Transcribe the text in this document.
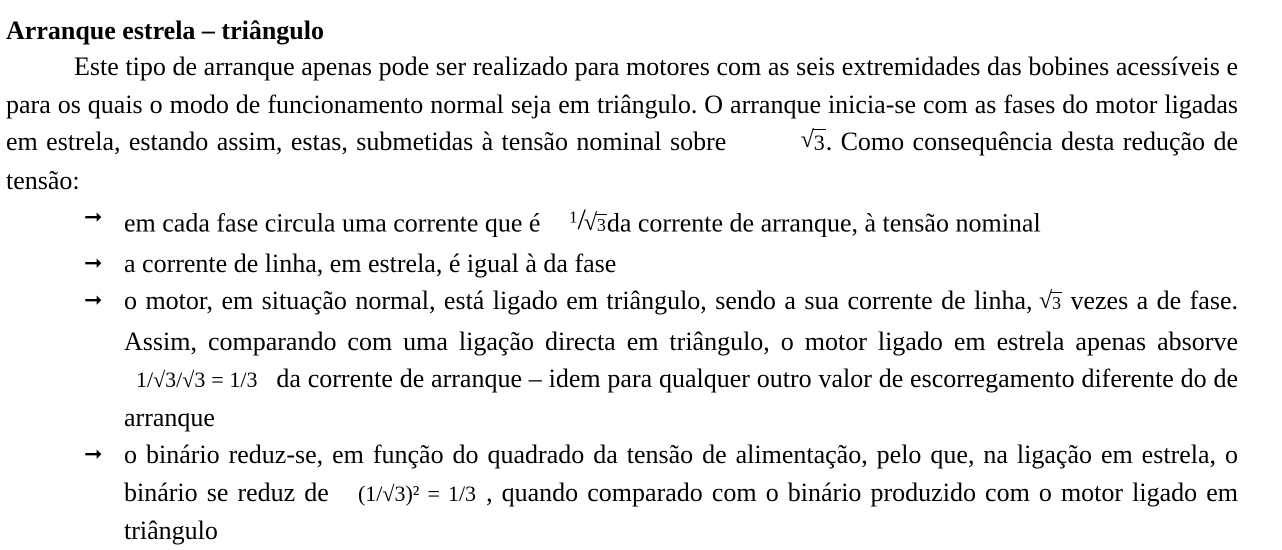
Arranque estrela – triângulo

Este tipo de arranque apenas pode ser realizado para motores com as seis extremidades das bobines acessíveis e para os quais o modo de funcionamento normal seja em triângulo. O arranque inicia-se com as fases do motor ligadas em estrela, estando assim, estas, submetidas à tensão nominal sobre	√ 3. Como consequência desta redução de tensão:

➞ em cada fase circula uma corrente que é $^1$/ √ 3da corrente de arranque, à tensão nominal
➞ a corrente de linha, em estrela, é igual à da fase
➞ o motor, em situação normal, está ligado em triângulo, sendo a sua corrente de linha, √ 3 vezes a de fase. Assim, comparando com uma ligação directa em triângulo, o motor ligado em estrela apenas absorve 1/√3/√3 = 1/3 da corrente de arranque – idem para qualquer outro valor de escorregamento diferente do de arranque
➞ o binário reduz-se, em função do quadrado da tensão de alimentação, pelo que, na ligação em estrela, o binário se reduz de (1/√3)² = 1/3 , quando comparado com o binário produzido com o motor ligado em triângulo
